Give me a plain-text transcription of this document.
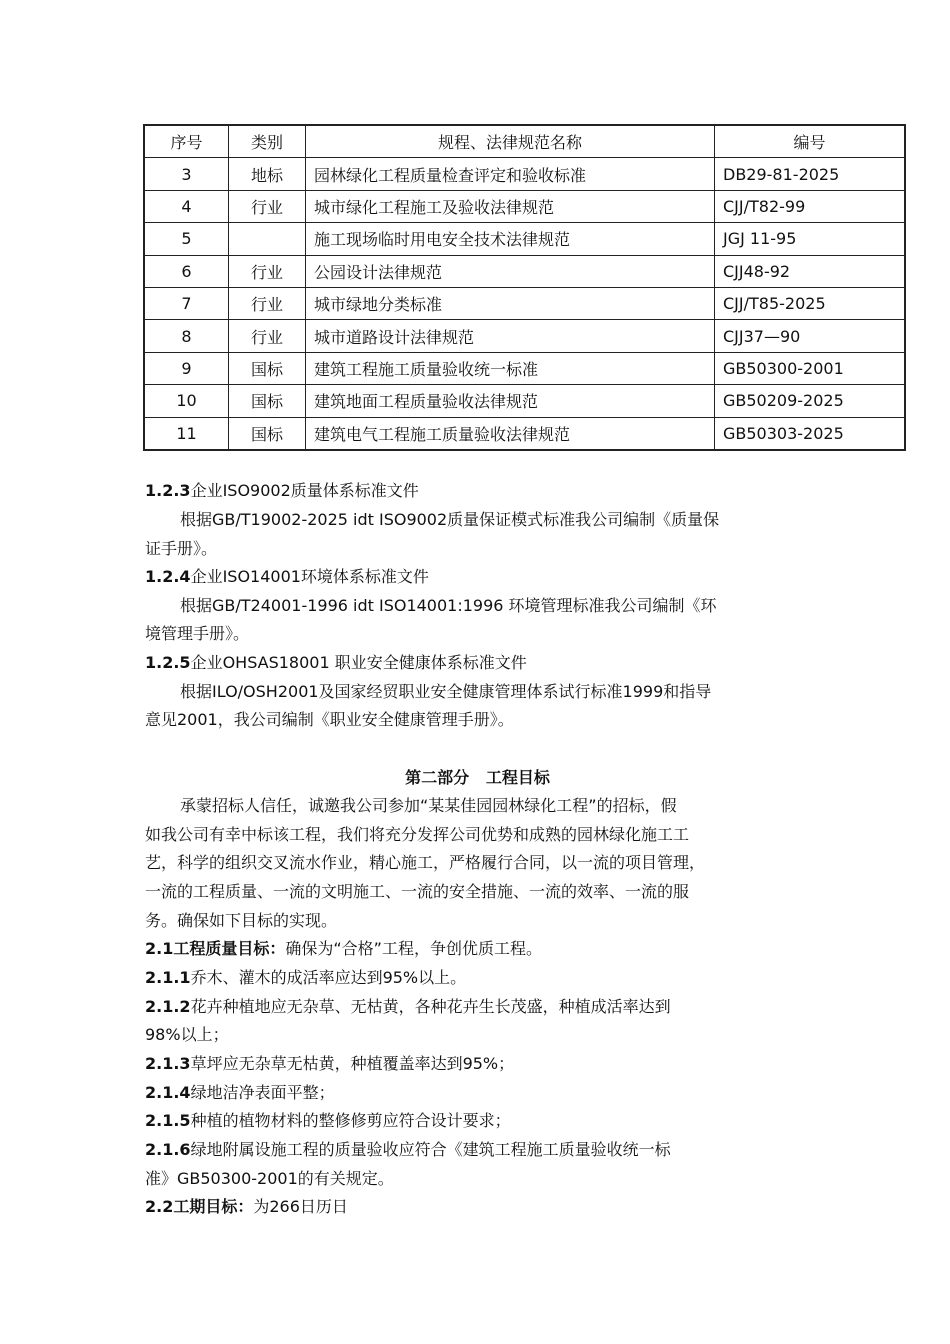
序号	类别	规程、法律规范名称	编号
3	地标	园林绿化工程质量检查评定和验收标准	DB29-81-2025
4	行业	城市绿化工程施工及验收法律规范	CJJ/T82-99
5		施工现场临时用电安全技术法律规范	JGJ 11-95
6	行业	公园设计法律规范	CJJ48-92
7	行业	城市绿地分类标准	CJJ/T85-2025
8	行业	城市道路设计法律规范	CJJ37—90
9	国标	建筑工程施工质量验收统一标准	GB50300-2001
10	国标	建筑地面工程质量验收法律规范	GB50209-2025
11	国标	建筑电气工程施工质量验收法律规范	GB50303-2025
1.2.3企业ISO9002质量体系标准文件
根据GB/T19002-2025 idt ISO9002质量保证模式标准我公司编制《质量保
证手册》。
1.2.4企业ISO14001环境体系标准文件
根据GB/T24001-1996 idt ISO14001:1996 环境管理标准我公司编制《环
境管理手册》。
1.2.5企业OHSAS18001 职业安全健康体系标准文件
根据ILO/OSH2001及国家经贸职业安全健康管理体系试行标准1999和指导
意见2001，我公司编制《职业安全健康管理手册》。
第二部分   工程目标
承蒙招标人信任，诚邀我公司参加“某某佳园园林绿化工程”的招标，假
如我公司有幸中标该工程，我们将充分发挥公司优势和成熟的园林绿化施工工
艺，科学的组织交叉流水作业，精心施工，严格履行合同，以一流的项目管理，
一流的工程质量、一流的文明施工、一流的安全措施、一流的效率、一流的服
务。确保如下目标的实现。
2.1工程质量目标：确保为“合格”工程，争创优质工程。
2.1.1乔木、灌木的成活率应达到95%以上。
2.1.2花卉种植地应无杂草、无枯黄，各种花卉生长茂盛，种植成活率达到
98%以上；
2.1.3草坪应无杂草无枯黄，种植覆盖率达到95%；
2.1.4绿地洁净表面平整；
2.1.5种植的植物材料的整修修剪应符合设计要求；
2.1.6绿地附属设施工程的质量验收应符合《建筑工程施工质量验收统一标
准》GB50300-2001的有关规定。
2.2工期目标：为266日历日
